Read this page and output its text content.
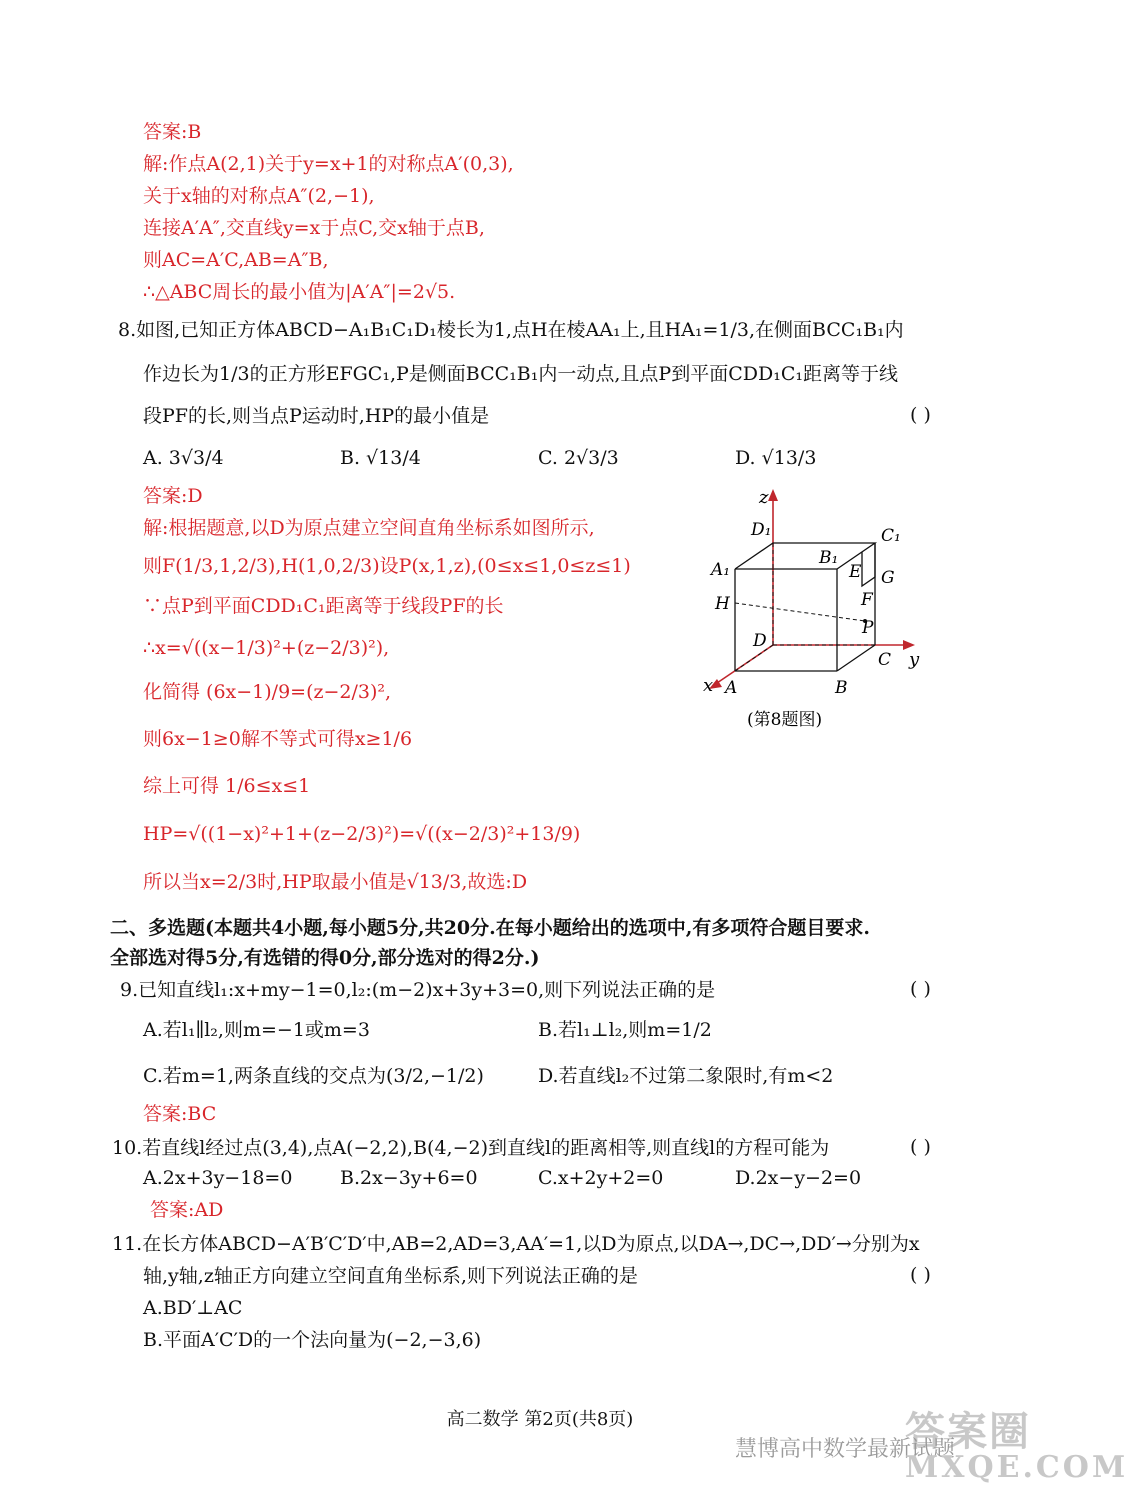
答案:B
解:作点A(2,1)关于y=x+1的对称点A′(0,3),
关于x轴的对称点A″(2,−1),
连接A′A″,交直线y=x于点C,交x轴于点B,
则AC=A′C,AB=A″B,
∴△ABC周长的最小值为|A′A″|=2√5.
8.如图,已知正方体ABCD−A₁B₁C₁D₁棱长为1,点H在棱AA₁上,且HA₁=1/3,在侧面BCC₁B₁内
作边长为1/3的正方形EFGC₁,P是侧面BCC₁B₁内一动点,且点P到平面CDD₁C₁距离等于线
段PF的长,则当点P运动时,HP的最小值是	( )
A. 3√3/4	B. √13/4	C. 2√3/3	D. √13/3
答案:D
解:根据题意,以D为原点建立空间直角坐标系如图所示,
则F(1/3,1,2/3),H(1,0,2/3)设P(x,1,z),(0≤x≤1,0≤z≤1)
∵点P到平面CDD₁C₁距离等于线段PF的长
∴x=√((x−1/3)²+(z−2/3)²),
化简得 (6x−1)/9=(z−2/3)²,
则6x−1≥0解不等式可得x≥1/6
综上可得 1/6≤x≤1
HP=√((1−x)²+1+(z−2/3)²)=√((x−2/3)²+13/9)
所以当x=2/3时,HP取最小值是√13/3,故选:D
z
y
x
D₁	C₁
B₁
A₁	E G
F
H
P
D
C
A	B
(第8题图)
二、多选题(本题共4小题,每小题5分,共20分.在每小题给出的选项中,有多项符合题目要求.
全部选对得5分,有选错的得0分,部分选对的得2分.)
9.已知直线l₁:x+my−1=0,l₂:(m−2)x+3y+3=0,则下列说法正确的是	( )
A.若l₁∥l₂,则m=−1或m=3	B.若l₁⊥l₂,则m=1/2
C.若m=1,两条直线的交点为(3/2,−1/2)	D.若直线l₂不过第二象限时,有m<2
答案:BC
10.若直线l经过点(3,4),点A(−2,2),B(4,−2)到直线l的距离相等,则直线l的方程可能为	( )
A.2x+3y−18=0	B.2x−3y+6=0	C.x+2y+2=0	D.2x−y−2=0
答案:AD
11.在长方体ABCD−A′B′C′D′中,AB=2,AD=3,AA′=1,以D为原点,以DA→,DC→,DD′→分别为x
轴,y轴,z轴正方向建立空间直角坐标系,则下列说法正确的是	( )
A.BD′⊥AC
B.平面A′C′D的一个法向量为(−2,−3,6)
高二数学 第2页(共8页)	答案圈
慧博高中数学最新试题
MXQE.COM
